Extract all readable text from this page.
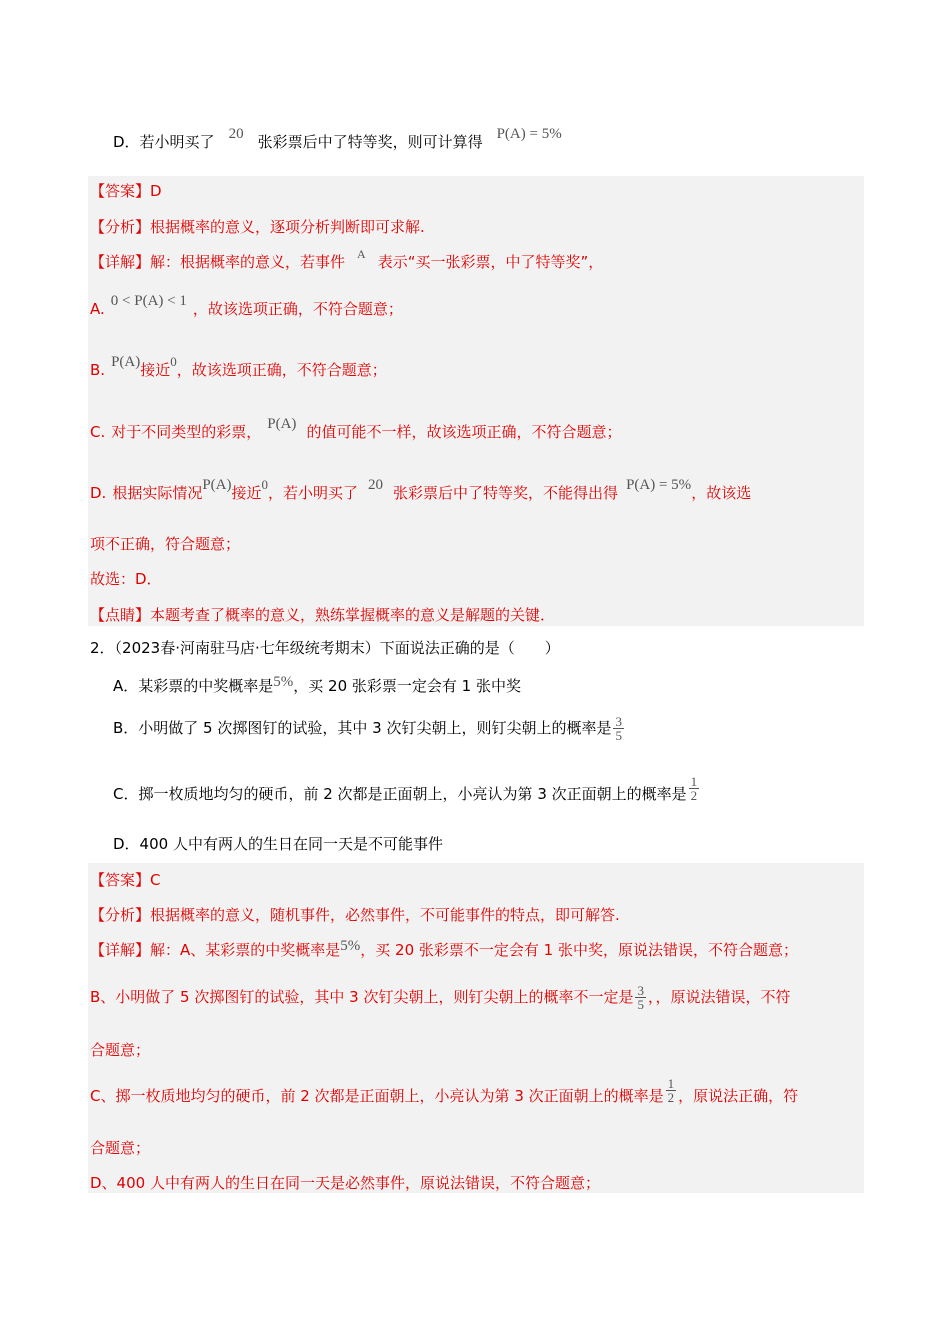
D．若小明买了 20 张彩票后中了特等奖，则可计算得 P(A) = 5%
【答案】D
【分析】根据概率的意义，逐项分析判断即可求解.
【详解】解：根据概率的意义，若事件 $^A$ 表示“买一张彩票，中了特等奖”，
A. 0 < P(A) < 1 ，故该选项正确，不符合题意；
B. P(A)接近0，故该选项正确，不符合题意；
C. 对于不同类型的彩票， P(A) 的值可能不一样，故该选项正确，不符合题意；
D. 根据实际情况P(A)接近0，若小明买了 20 张彩票后中了特等奖，不能得出得 P(A) = 5%，故该选
项不正确，符合题意；
故选：D．
【点睛】本题考查了概率的意义，熟练掌握概率的意义是解题的关键．
2．（2023春·河南驻马店·七年级统考期末）下面说法正确的是（　　）
A．某彩票的中奖概率是5%，买 20 张彩票一定会有 1 张中奖
B．小明做了 5 次掷图钉的试验，其中 3 次钉尖朝上，则钉尖朝上的概率是 $\frac{3}{5}$
C．掷一枚质地均匀的硬币，前 2 次都是正面朝上，小亮认为第 3 次正面朝上的概率是 $\frac{1}{2}$
D．400 人中有两人的生日在同一天是不可能事件
【答案】C
【分析】根据概率的意义，随机事件，必然事件，不可能事件的特点，即可解答.
【详解】解：A、某彩票的中奖概率是5%，买 20 张彩票不一定会有 1 张中奖，原说法错误，不符合题意；
B、小明做了 5 次掷图钉的试验，其中 3 次钉尖朝上，则钉尖朝上的概率不一定是 $\frac{3}{5}$ ，，原说法错误，不符
合题意；
C、掷一枚质地均匀的硬币，前 2 次都是正面朝上，小亮认为第 3 次正面朝上的概率是 $\frac{1}{2}$ ，原说法正确，符
合题意；
D、400 人中有两人的生日在同一天是必然事件，原说法错误，不符合题意；
